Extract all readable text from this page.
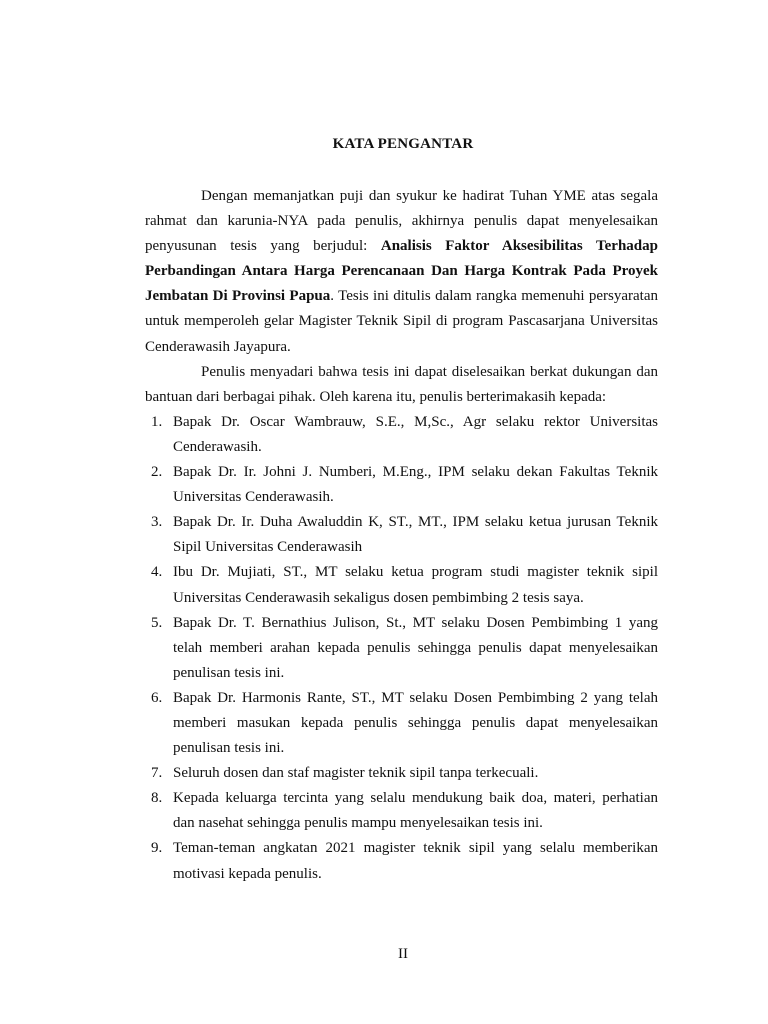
KATA PENGANTAR

Dengan memanjatkan puji dan syukur ke hadirat Tuhan YME atas segala rahmat dan karunia-NYA pada penulis, akhirnya penulis dapat menyelesaikan penyusunan tesis yang berjudul: Analisis Faktor Aksesibilitas Terhadap Perbandingan Antara Harga Perencanaan Dan Harga Kontrak Pada Proyek Jembatan Di Provinsi Papua. Tesis ini ditulis dalam rangka memenuhi persyaratan untuk memperoleh gelar Magister Teknik Sipil di program Pascasarjana Universitas Cenderawasih Jayapura.

Penulis menyadari bahwa tesis ini dapat diselesaikan berkat dukungan dan bantuan dari berbagai pihak. Oleh karena itu, penulis berterimakasih kepada:

1. Bapak Dr. Oscar Wambrauw, S.E., M,Sc., Agr selaku rektor Universitas Cenderawasih.
2. Bapak Dr. Ir. Johni J. Numberi, M.Eng., IPM selaku dekan Fakultas Teknik Universitas Cenderawasih.
3. Bapak Dr. Ir. Duha Awaluddin K, ST., MT., IPM selaku ketua jurusan Teknik Sipil Universitas Cenderawasih
4. Ibu Dr. Mujiati, ST., MT selaku ketua program studi magister teknik sipil Universitas Cenderawasih sekaligus dosen pembimbing 2 tesis saya.
5. Bapak Dr. T. Bernathius Julison, St., MT selaku Dosen Pembimbing 1 yang telah memberi arahan kepada penulis sehingga penulis dapat menyelesaikan penulisan tesis ini.
6. Bapak Dr. Harmonis Rante, ST., MT selaku Dosen Pembimbing 2 yang telah memberi masukan kepada penulis sehingga penulis dapat menyelesaikan penulisan tesis ini.
7. Seluruh dosen dan staf magister teknik sipil tanpa terkecuali.
8. Kepada keluarga tercinta yang selalu mendukung baik doa, materi, perhatian dan nasehat sehingga penulis mampu menyelesaikan tesis ini.
9. Teman-teman angkatan 2021 magister teknik sipil yang selalu memberikan motivasi kepada penulis.
II
